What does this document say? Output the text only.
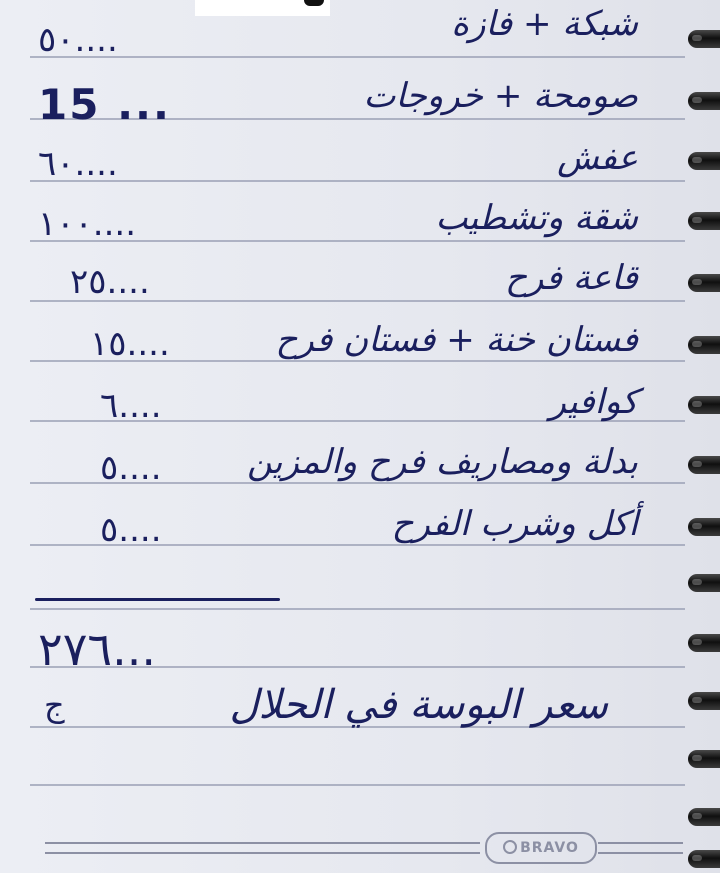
شبكة + فازة
٥٠....
صومحة + خروجات
15 ...
عفش
٦٠....
شقة وتشطيب
١٠٠....
قاعة فرح
٢٥....
فستان خنة + فستان فرح
١٥....
كوافير
٦....
بدلة ومصاريف فرح والمزين
٥....
أكل وشرب الفرح
٥....
٢٧٦...
سعر البوسة في الحلال
ج
BRAVO
